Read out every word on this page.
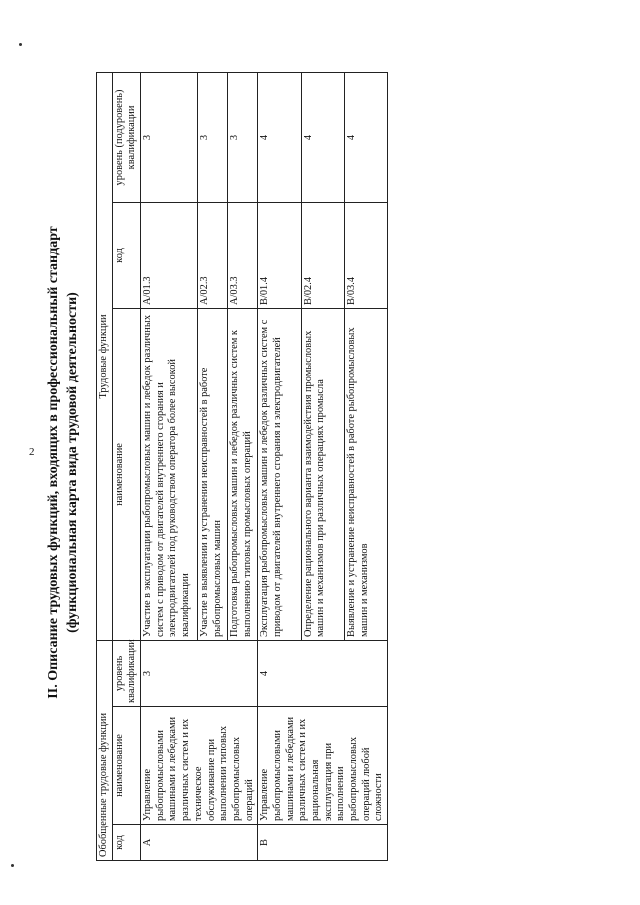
2 II. Описание трудовых функций, входящих в профессиональный стандарт (функциональная карта вида трудовой деятельности)
Обобщенные трудовые функции			Трудовые функции		
код	наименование	уровень квалификации	наименование	код	уровень (подуровень) квалификации
А	Управление рыбопромысловыми машинами и лебедками различных систем и их техническое обслуживание при выполнении типовых рыбопромысловых операций	3	Участие в эксплуатации рыбопромысловых машин и лебедок различных систем с приводом от двигателей внутреннего сгорания и электродвигателей под руководством оператора более высокой квалификации	А/01.3	3
			Участие в выявлении и устранении неисправностей в работе рыбопромысловых машин	А/02.3	3
			Подготовка рыбопромысловых машин и лебедок различных систем к выполнению типовых промысловых операций	А/03.3	3
В	Управление рыбопромысловыми машинами и лебедками различных систем и их рациональная эксплуатация при выполнении рыбопромысловых операций любой сложности	4	Эксплуатация рыбопромысловых машин и лебедок различных систем с приводом от двигателей внутреннего сгорания и электродвигателей	В/01.4	4
			Определение рационального варианта взаимодействия промысловых машин и механизмов при различных операциях промысла	В/02.4	4
			Выявление и устранение неисправностей в работе рыбопромысловых машин и механизмов	В/03.4	4
